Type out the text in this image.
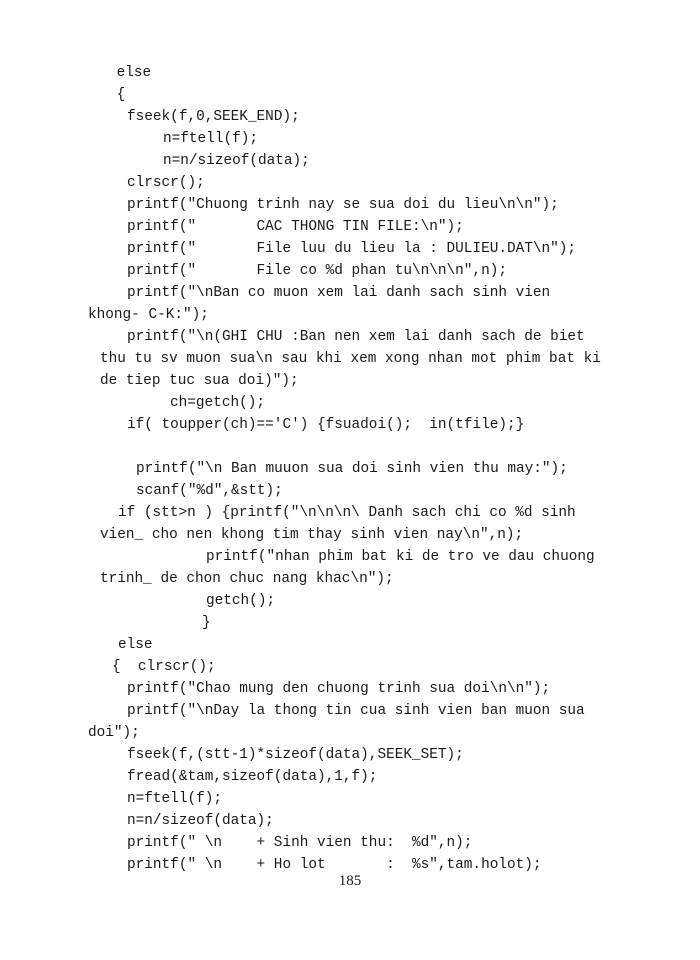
else
{
fseek(f,0,SEEK_END);
n=ftell(f);
n=n/sizeof(data);
clrscr();
printf("Chuong trinh nay se sua doi du lieu\n\n");
printf("       CAC THONG TIN FILE:\n");
printf("       File luu du lieu la : DULIEU.DAT\n");
printf("       File co %d phan tu\n\n\n",n);
printf("\nBan co muon xem lai danh sach sinh vien
khong- C-K:");
printf("\n(GHI CHU :Ban nen xem lai danh sach de biet
thu tu sv muon sua\n sau khi xem xong nhan mot phim bat ki
de tiep tuc sua doi)");
ch=getch();
if( toupper(ch)=='C') {fsuadoi();  in(tfile);}
printf("\n Ban muuon sua doi sinh vien thu may:");
scanf("%d",&stt);
if (stt>n ) {printf("\n\n\n\ Danh sach chi co %d sinh
vien_ cho nen khong tim thay sinh vien nay\n",n);
printf("nhan phim bat ki de tro ve dau chuong
trinh_ de chon chuc nang khac\n");
getch();
}
else
{  clrscr();
printf("Chao mung den chuong trinh sua doi\n\n");
printf("\nDay la thong tin cua sinh vien ban muon sua
doi");
fseek(f,(stt-1)*sizeof(data),SEEK_SET);
fread(&tam,sizeof(data),1,f);
n=ftell(f);
n=n/sizeof(data);
printf(" \n    + Sinh vien thu:  %d",n);
printf(" \n    + Ho lot       :  %s",tam.holot);
185
